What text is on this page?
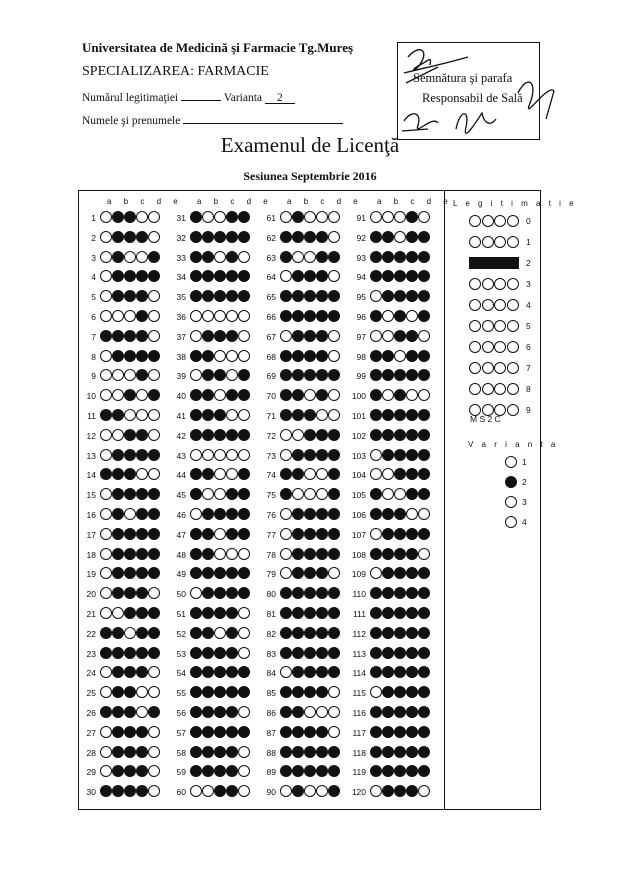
Universitatea de Medicină şi Farmacie Tg.Mureş
SPECIALIZAREA: FARMACIE
Numărul legitimaţiei	Varianta 2
Numele şi prenumele
Semnătura şi parafa
Responsabil de Sală
Examenul de Licenţă
Sesiunea Septembrie 2016
a b c d e a b c d e a b c d e a b c d e
1
2
3
4
5
6
7
8
9
10
11
12
13
14
15
16
17
18
19
20
21
22
23
24
25
26
27
28
29
30
31
32
33
34
35
36
37
38
39
40
41
42
43
44
45
46
47
48
49
50
51
52
53
54
55
56
57
58
59
60
61
62
63
64
65
66
67
68
69
70
71
72
73
74
75
76
77
78
79
80
81
82
83
84
85
86
87
88
89
90
91
92
93
94
95
96
97
98
99
100
101
102
103
104
105
106
107
108
109
110
111
112
113
114
115
116
117
118
119
120
L e g i t i m a t i e
0
1
2
3
4
5
6
7
8
9
M S 2 C
V a r i a n t a
1
2
3
4
